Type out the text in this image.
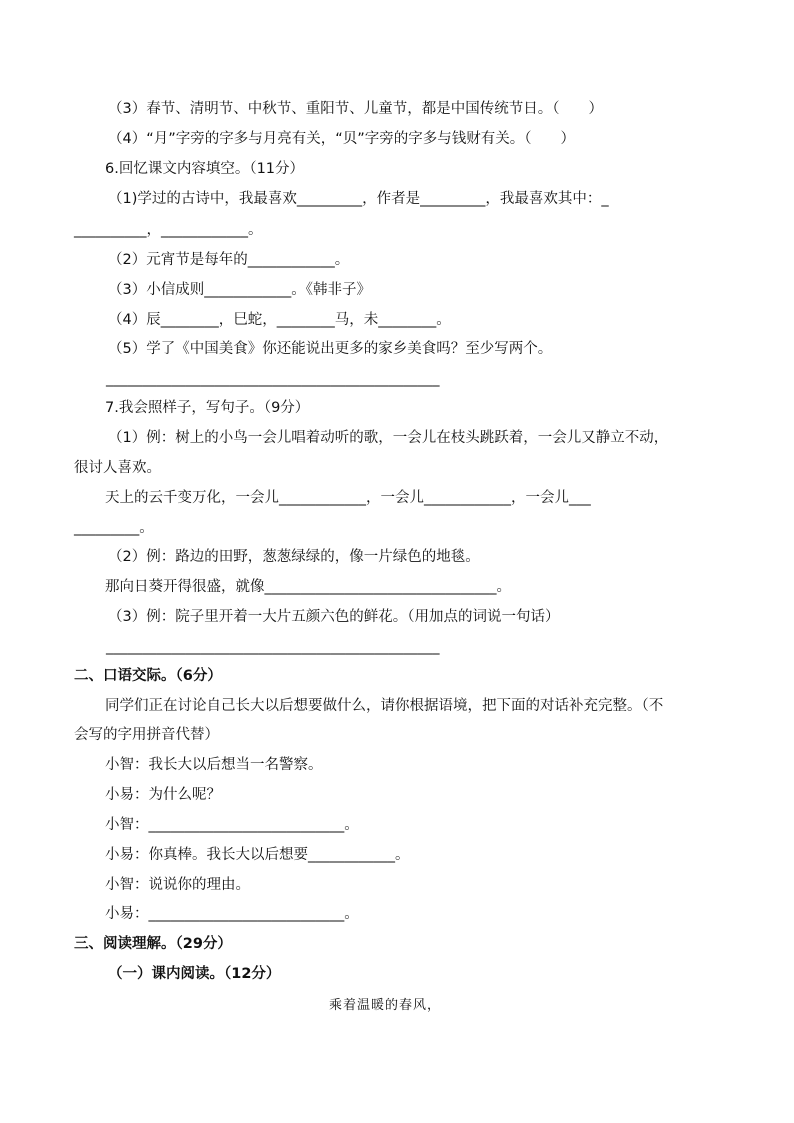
（3）春节、清明节、中秋节、重阳节、儿童节，都是中国传统节日。（　　）
（4）“月”字旁的字多与月亮有关，“贝”字旁的字多与钱财有关。（　　）
6.回忆课文内容填空。（11分）
（1)学过的古诗中，我最喜欢_________，作者是_________，我最喜欢其中：_
__________，____________。
（2）元宵节是每年的____________。
（3）小信成则____________。《韩非子》
（4）辰________，巳蛇，________马，未________。
（5）学了《中国美食》你还能说出更多的家乡美食吗？至少写两个。
______________________________________________
7.我会照样子，写句子。（9分）
（1）例：树上的小鸟一会儿唱着动听的歌，一会儿在枝头跳跃着，一会儿又静立不动，
很讨人喜欢。
天上的云千变万化，一会儿____________，一会儿____________，一会儿___
_________。
（2）例：路边的田野，葱葱绿绿的，像一片绿色的地毯。
那向日葵开得很盛，就像________________________________。
（3）例：院子里开着一大片五颜六色的鲜花。（用加点的词说一句话）
______________________________________________
二、口语交际。（6分）
同学们正在讨论自己长大以后想要做什么，请你根据语境，把下面的对话补充完整。（不
会写的字用拼音代替）
小智：我长大以后想当一名警察。
小易：为什么呢？
小智：___________________________。
小易：你真棒。我长大以后想要____________。
小智：说说你的理由。
小易：___________________________。
三、阅读理解。（29分）
（一）课内阅读。（12分）
乘着温暖的春风，
